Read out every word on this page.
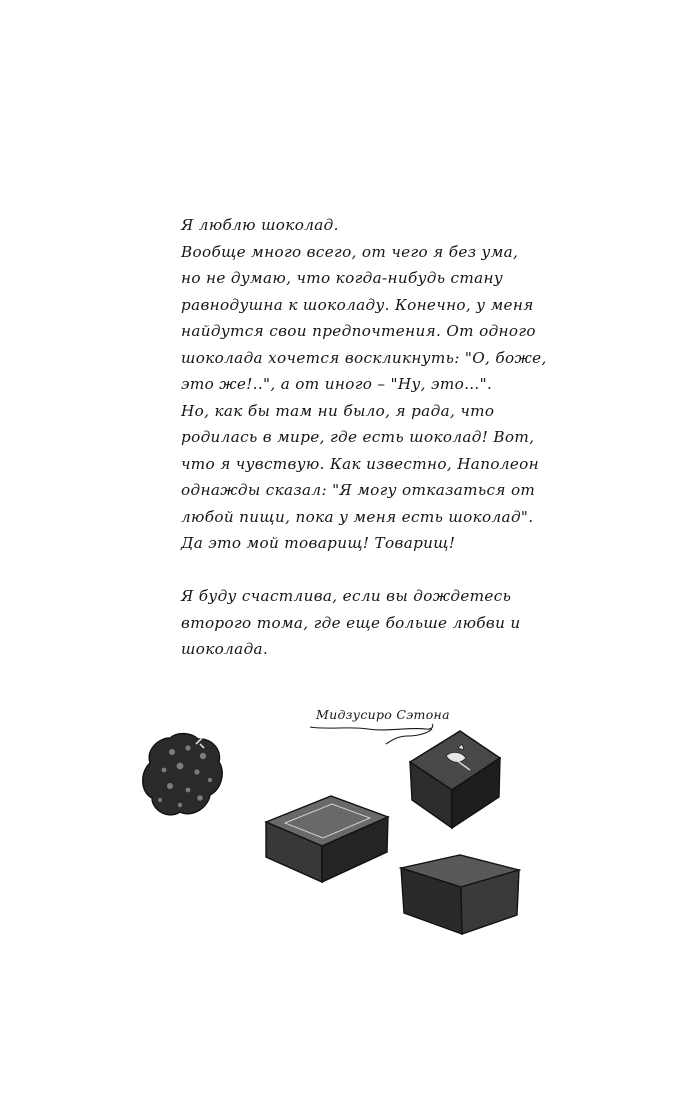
Я люблю шоколад.
Вообще много всего, от чего я без ума,
но не думаю, что когда-нибудь стану
равнодушна к шоколаду. Конечно, у меня
найдутся свои предпочтения. От одного
шоколада хочется воскликнуть: "О, боже,
это же!..", а от иного – "Ну, это...".
Но, как бы там ни было, я рада, что
родилась в мире, где есть шоколад! Вот,
что я чувствую. Как известно, Наполеон
однажды сказал: "Я могу отказаться от
любой пищи, пока у меня есть шоколад".
Да это мой товарищ! Товарищ!
Я буду счастлива, если вы дождетесь
второго тома, где еще больше любви и
шоколада.
Мидзусиро Сэтона
